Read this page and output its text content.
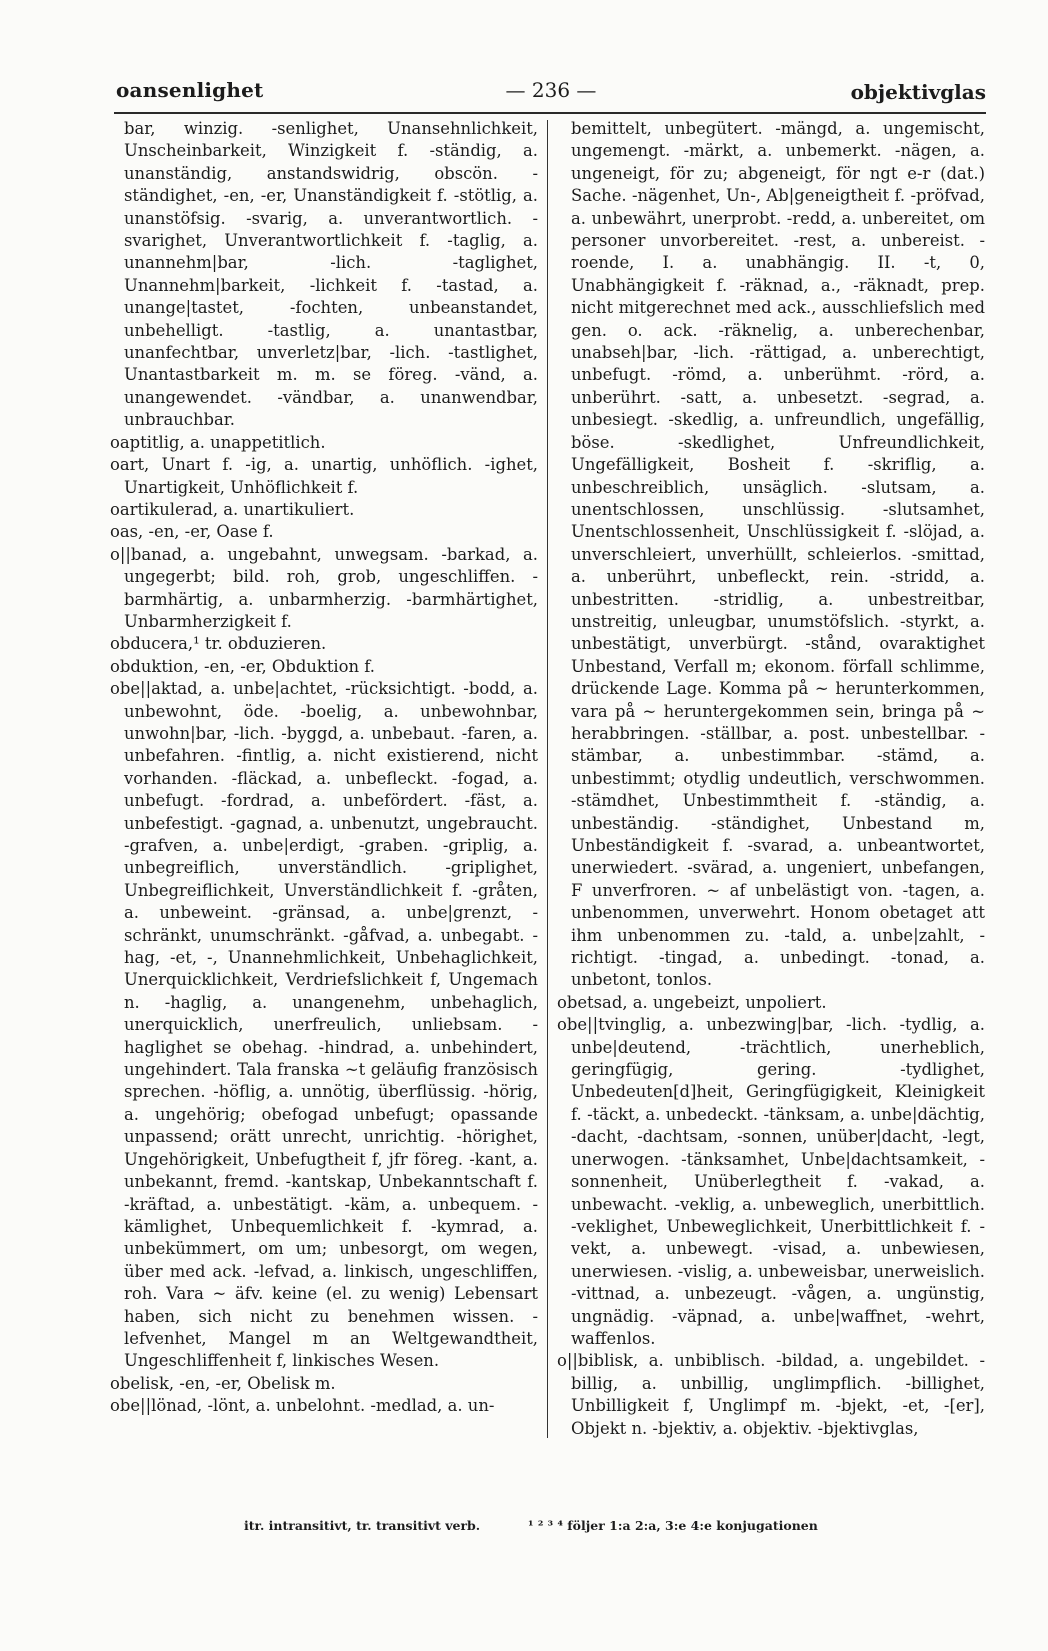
oansenlighet	— 236 —	objektivglas

bar, winzig. -senlighet, Unansehnlichkeit, Unscheinbarkeit, Winzigkeit f. -ständig, a. unanständig, anstandswidrig, obscön. -ständighet, -en, -er, Unanständigkeit f. -stötlig, a. unanstöfsig. -svarig, a. unverantwortlich. -svarighet, Unverantwortlichkeit f. -taglig, a. unannehm|bar, -lich. -taglighet, Unannehm|barkeit, -lichkeit f. -tastad, a. unange|tastet, -fochten, unbeanstandet, unbehelligt. -tastlig, a. unantastbar, unanfechtbar, unverletz|bar, -lich. -tastlighet, Unantastbarkeit m. m. se föreg. -vänd, a. unangewendet. -vändbar, a. unanwendbar, unbrauchbar.

oaptitlig, a. unappetitlich.

oart, Unart f. -ig, a. unartig, unhöflich. -ighet, Unartigkeit, Unhöflichkeit f.

oartikulerad, a. unartikuliert.

oas, -en, -er, Oase f.

o||banad, a. ungebahnt, unwegsam. -barkad, a. ungegerbt; bild. roh, grob, ungeschliffen. -barmhärtig, a. unbarmherzig. -barmhärtighet, Unbarmherzigkeit f.

obducera,¹ tr. obduzieren.

obduktion, -en, -er, Obduktion f.

obe||aktad, a. unbe|achtet, -rücksichtigt. -bodd, a. unbewohnt, öde. -boelig, a. unbewohnbar, unwohn|bar, -lich. -byggd, a. unbebaut. -faren, a. unbefahren. -fintlig, a. nicht existierend, nicht vorhanden. -fläckad, a. unbefleckt. -fogad, a. unbefugt. -fordrad, a. unbefördert. -fäst, a. unbefestigt. -gagnad, a. unbenutzt, ungebraucht. -grafven, a. unbe|erdigt, -graben. -griplig, a. unbegreiflich, unverständlich. -griplighet, Unbegreiflichkeit, Unverständlichkeit f. -gråten, a. unbeweint. -gränsad, a. unbe|grenzt, -schränkt, unumschränkt. -gåfvad, a. unbegabt. -hag, -et, -, Unannehmlichkeit, Unbehaglichkeit, Unerquicklichkeit, Verdriefslichkeit f, Ungemach n. -haglig, a. unangenehm, unbehaglich, unerquicklich, unerfreulich, unliebsam. -haglighet se obehag. -hindrad, a. unbehindert, ungehindert. Tala franska ~t geläufig französisch sprechen. -höflig, a. unnötig, überflüssig. -hörig, a. ungehörig; obefogad unbefugt; opassande unpassend; orätt unrecht, unrichtig. -hörighet, Ungehörigkeit, Unbefugtheit f, jfr föreg. -kant, a. unbekannt, fremd. -kantskap, Unbekanntschaft f. -kräftad, a. unbestätigt. -käm, a. unbequem. -kämlighet, Unbequemlichkeit f. -kymrad, a. unbekümmert, om um; unbesorgt, om wegen, über med ack. -lefvad, a. linkisch, ungeschliffen, roh. Vara ~ äfv. keine (el. zu wenig) Lebensart haben, sich nicht zu benehmen wissen. -lefvenhet, Mangel m an Weltgewandtheit, Ungeschliffenheit f, linkisches Wesen.

obelisk, -en, -er, Obelisk m.

obe||lönad, -lönt, a. unbelohnt. -medlad, a. un-

bemittelt, unbegütert. -mängd, a. ungemischt, ungemengt. -märkt, a. unbemerkt. -nägen, a. ungeneigt, för zu; abgeneigt, för ngt e-r (dat.) Sache. -nägenhet, Un-, Ab|geneigtheit f. -pröfvad, a. unbewährt, unerprobt. -redd, a. unbereitet, om personer unvorbereitet. -rest, a. unbereist. -roende, I. a. unabhängig. II. -t, 0, Unabhängigkeit f. -räknad, a., -räknadt, prep. nicht mitgerechnet med ack., ausschliefslich med gen. o. ack. -räknelig, a. unberechenbar, unabseh|bar, -lich. -rättigad, a. unberechtigt, unbefugt. -römd, a. unberühmt. -rörd, a. unberührt. -satt, a. unbesetzt. -segrad, a. unbesiegt. -skedlig, a. unfreundlich, ungefällig, böse. -skedlighet, Unfreundlichkeit, Ungefälligkeit, Bosheit f. -skriflig, a. unbeschreiblich, unsäglich. -slutsam, a. unentschlossen, unschlüssig. -slutsamhet, Unentschlossenheit, Unschlüssigkeit f. -slöjad, a. unverschleiert, unverhüllt, schleierlos. -smittad, a. unberührt, unbefleckt, rein. -stridd, a. unbestritten. -stridlig, a. unbestreitbar, unstreitig, unleugbar, unumstöfslich. -styrkt, a. unbestätigt, unverbürgt. -stånd, ovaraktighet Unbestand, Verfall m; ekonom. förfall schlimme, drückende Lage. Komma på ~ herunterkommen, vara på ~ heruntergekommen sein, bringa på ~ herabbringen. -ställbar, a. post. unbestellbar. -stämbar, a. unbestimmbar. -stämd, a. unbestimmt; otydlig undeutlich, verschwommen. -stämdhet, Unbestimmtheit f. -ständig, a. unbeständig. -ständighet, Unbestand m, Unbeständigkeit f. -svarad, a. unbeantwortet, unerwiedert. -svärad, a. ungeniert, unbefangen, F unverfroren. ~ af unbelästigt von. -tagen, a. unbenommen, unverwehrt. Honom obetaget att ihm unbenommen zu. -tald, a. unbe|zahlt, -richtigt. -tingad, a. unbedingt. -tonad, a. unbetont, tonlos.

obetsad, a. ungebeizt, unpoliert.

obe||tvinglig, a. unbezwing|bar, -lich. -tydlig, a. unbe|deutend, -trächtlich, unerheblich, geringfügig, gering. -tydlighet, Unbedeuten[d]heit, Geringfügigkeit, Kleinigkeit f. -täckt, a. unbedeckt. -tänksam, a. unbe|dächtig, -dacht, -dachtsam, -sonnen, unüber|dacht, -legt, unerwogen. -tänksamhet, Unbe|dachtsamkeit, -sonnenheit, Unüberlegtheit f. -vakad, a. unbewacht. -veklig, a. unbeweglich, unerbittlich. -veklighet, Unbeweglichkeit, Unerbittlichkeit f. -vekt, a. unbewegt. -visad, a. unbewiesen, unerwiesen. -vislig, a. unbeweisbar, unerweislich. -vittnad, a. unbezeugt. -vågen, a. ungünstig, ungnädig. -väpnad, a. unbe|waffnet, -wehrt, waffenlos.

o||biblisk, a. unbiblisch. -bildad, a. ungebildet. -billig, a. unbillig, unglimpflich. -billighet, Unbilligkeit f, Unglimpf m. -bjekt, -et, -[er], Objekt n. -bjektiv, a. objektiv. -bjektivglas,

itr. intransitivt, tr. transitivt verb.	¹ ² ³ ⁴ följer 1:a 2:a, 3:e 4:e konjugationen
